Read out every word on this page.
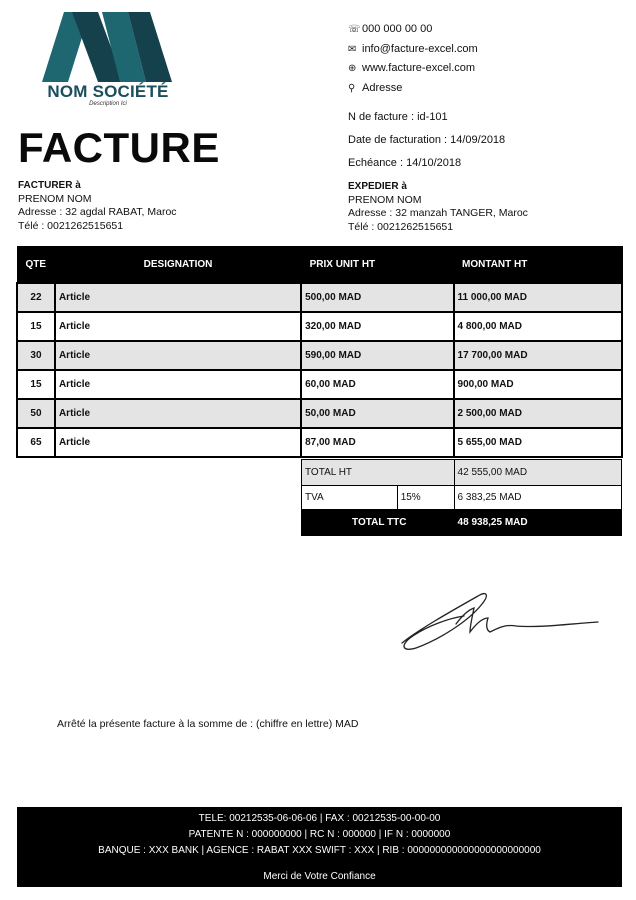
NOM SOCIÉTÉ
Description Ici
☏ 000 000 00 00
✉ info@facture-excel.com
⊕ www.facture-excel.com
⚲ Adresse
N de facture : id-101
Date de facturation : 14/09/2018
Echéance : 14/10/2018
FACTURE
FACTURER à
PRENOM NOM
Adresse : 32 agdal RABAT, Maroc
Télé : 0021262515651
EXPEDIER à
PRENOM NOM
Adresse : 32 manzah TANGER, Maroc
Télé : 0021262515651
QTE	DESIGNATION	PRIX UNIT HT	MONTANT HT
22	Article	500,00 MAD	11 000,00 MAD
15	Article	320,00 MAD	4 800,00 MAD
30	Article	590,00 MAD	17 700,00 MAD
15	Article	60,00 MAD	900,00 MAD
50	Article	50,00 MAD	2 500,00 MAD
65	Article	87,00 MAD	5 655,00 MAD
TOTAL HT		42 555,00 MAD
TVA	15%	6 383,25 MAD
TOTAL TTC		48 938,25 MAD
Arrêté la présente facture à la somme de : (chiffre en lettre) MAD
TELE: 00212535-06-06-06 | FAX : 00212535-00-00-00
PATENTE N : 000000000 | RC N : 000000 | IF N : 0000000
BANQUE : XXX BANK | AGENCE : RABAT XXX SWIFT : XXX | RIB : 000000000000000000000000
Merci de Votre Confiance
